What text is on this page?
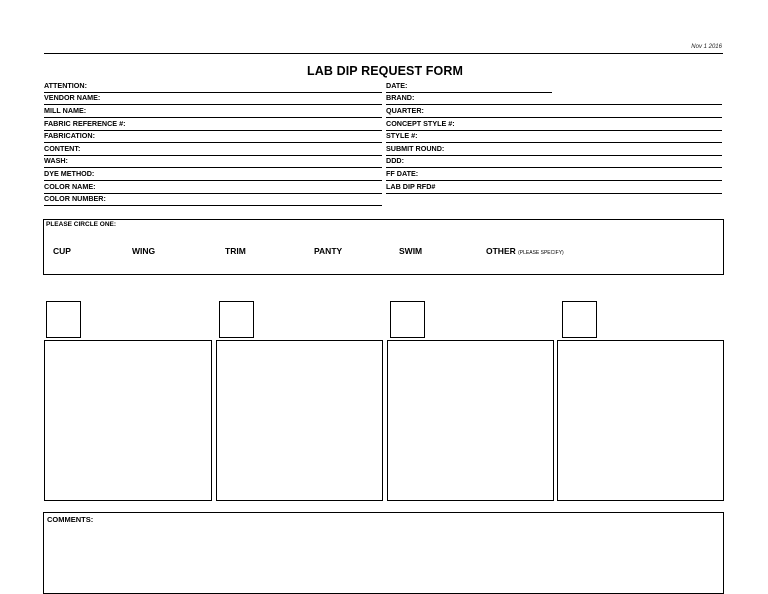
Nov 1 2016
LAB DIP REQUEST FORM
ATTENTION:
VENDOR NAME:
MILL NAME:
FABRIC REFERENCE #:
FABRICATION:
CONTENT:
WASH:
DYE METHOD:
COLOR NAME:
COLOR NUMBER:
DATE:
BRAND:
QUARTER:
CONCEPT STYLE #:
STYLE #:
SUBMIT ROUND:
DDD:
FF DATE:
LAB DIP RFD#
PLEASE CIRCLE ONE:
CUP	WING	TRIM	PANTY	SWIM	OTHER (PLEASE SPECIFY)
COMMENTS:
